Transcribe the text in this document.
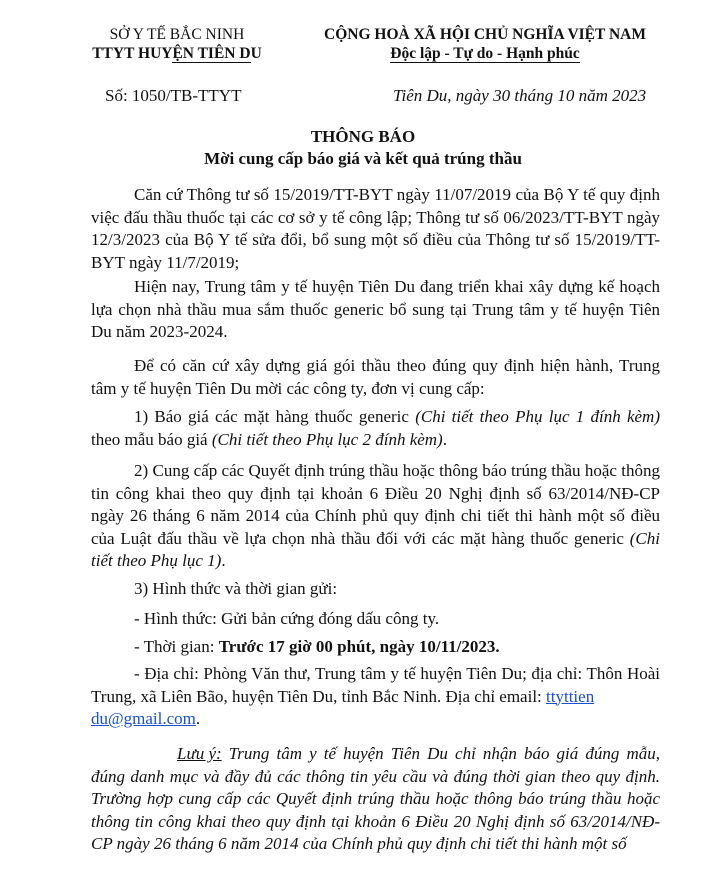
SỞ Y TẾ BẮC NINH
TTYT HUYỆN TIÊN DU
Số: 1050/TB-TTYT
CỘNG HOÀ XÃ HỘI CHỦ NGHĨA VIỆT NAM
Độc lập - Tự do - Hạnh phúc
Tiên Du, ngày 30 tháng 10 năm 2023
THÔNG BÁO
Mời cung cấp báo giá và kết quả trúng thầu
Căn cứ Thông tư số 15/2019/TT-BYT ngày 11/07/2019 của Bộ Y tế quy định việc đấu thầu thuốc tại các cơ sở y tế công lập; Thông tư số 06/2023/TT-BYT ngày 12/3/2023 của Bộ Y tế sửa đổi, bổ sung một số điều của Thông tư số 15/2019/TT-BYT ngày 11/7/2019;
Hiện nay, Trung tâm y tế huyện Tiên Du đang triển khai xây dựng kế hoạch lựa chọn nhà thầu mua sắm thuốc generic bổ sung tại Trung tâm y tế huyện Tiên Du năm 2023-2024.
Để có căn cứ xây dựng giá gói thầu theo đúng quy định hiện hành, Trung tâm y tế huyện Tiên Du mời các công ty, đơn vị cung cấp:
1) Báo giá các mặt hàng thuốc generic (Chi tiết theo Phụ lục 1 đính kèm) theo mẫu báo giá (Chi tiết theo Phụ lục 2 đính kèm).
2) Cung cấp các Quyết định trúng thầu hoặc thông báo trúng thầu hoặc thông tin công khai theo quy định tại khoản 6 Điều 20 Nghị định số 63/2014/NĐ-CP ngày 26 tháng 6 năm 2014 của Chính phủ quy định chi tiết thi hành một số điều của Luật đấu thầu về lựa chọn nhà thầu đối với các mặt hàng thuốc generic (Chi tiết theo Phụ lục 1).
3) Hình thức và thời gian gửi:
- Hình thức: Gửi bản cứng đóng dấu công ty.
- Thời gian: Trước 17 giờ 00 phút, ngày 10/11/2023.
- Địa chỉ: Phòng Văn thư, Trung tâm y tế huyện Tiên Du; địa chỉ: Thôn Hoài Trung, xã Liên Bão, huyện Tiên Du, tỉnh Bắc Ninh. Địa chỉ email: ttyttien
du@gmail.com.
Lưu ý: Trung tâm y tế huyện Tiên Du chỉ nhận báo giá đúng mẫu, đúng danh mục và đầy đủ các thông tin yêu cầu và đúng thời gian theo quy định. Trường hợp cung cấp các Quyết định trúng thầu hoặc thông báo trúng thầu hoặc thông tin công khai theo quy định tại khoản 6 Điều 20 Nghị định số 63/2014/NĐ-CP ngày 26 tháng 6 năm 2014 của Chính phủ quy định chi tiết thi hành một số
